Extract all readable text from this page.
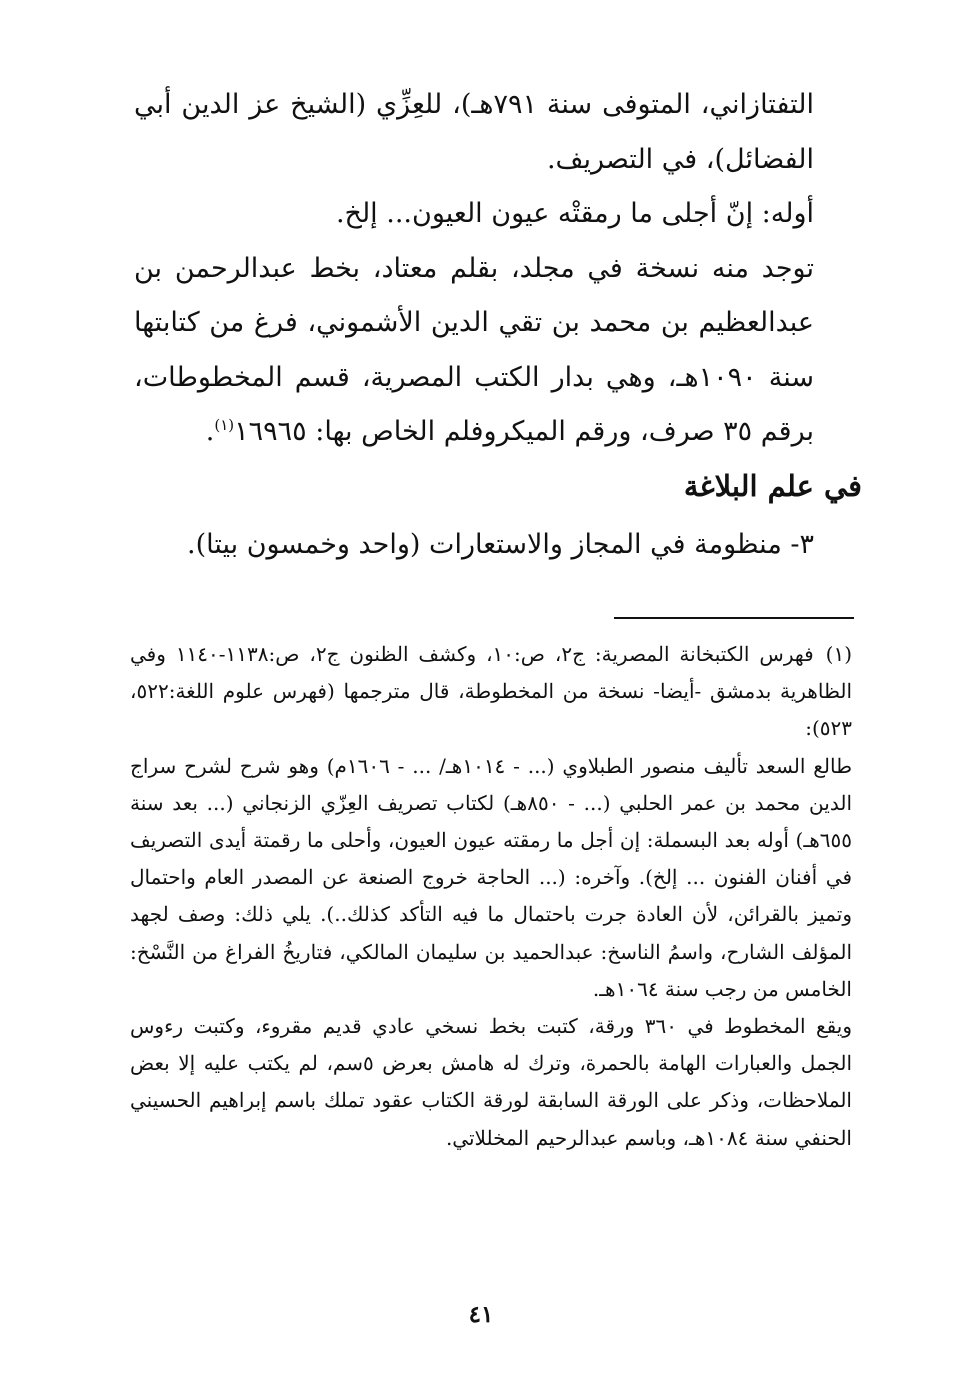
التفتازاني، المتوفى سنة ٧٩١هـ)، للعِزِّي (الشيخ عز الدين أبي الفضائل)، في التصريف.

أوله: إنّ أجلى ما رمقتْه عيون العيون... إلخ.

توجد منه نسخة في مجلد، بقلم معتاد، بخط عبدالرحمن بن عبدالعظيم بن محمد بن تقي الدين الأشموني، فرغ من كتابتها سنة ١٠٩٠هـ، وهي بدار الكتب المصرية، قسم المخطوطات، برقم ٣٥ صرف، ورقم الميكروفلم الخاص بها: ١٦٩٦٥$^{(١)}$.

في علم البلاغة
٣- منظومة في المجاز والاستعارات (واحد وخمسون بيتا).

(١)فهرس الكتبخانة المصرية: ج٢، ص:١٠، وكشف الظنون ج٢، ص:١١٣٨-١١٤٠ وفي الظاهرية بدمشق -أيضا- نسخة من المخطوطة، قال مترجمها (فهرس علوم اللغة:٥٢٢، ٥٢٣):

طالع السعد تأليف منصور الطبلاوي (... - ١٠١٤هـ/ ... - ١٦٠٦م) وهو شرح لشرح سراج الدين محمد بن عمر الحلبي (... - ٨٥٠هـ) لكتاب تصريف العِزّي الزنجاني (... بعد سنة ٦٥٥هـ) أوله بعد البسملة: إن أجل ما رمقته عيون العيون، وأحلى ما رقمتة أيدى التصريف في أفنان الفنون ... إلخ). وآخره: (... الحاجة خروج الصنعة عن المصدر العام واحتمال وتميز بالقرائن، لأن العادة جرت باحتمال ما فيه التأكد كذلك..). يلي ذلك: وصف لجهد المؤلف الشارح، واسمُ الناسخ: عبدالحميد بن سليمان المالكي، فتاريخُ الفراغ من النَّسْخ: الخامس من رجب سنة ١٠٦٤هـ.

ويقع المخطوط في ٣٦٠ ورقة، كتبت بخط نسخي عادي قديم مقروء، وكتبت رءوس الجمل والعبارات الهامة بالحمرة، وترك له هامش بعرض ٥سم، لم يكتب عليه إلا بعض الملاحظات، وذكر على الورقة السابقة لورقة الكتاب عقود تملك باسم إبراهيم الحسيني الحنفي سنة ١٠٨٤هـ، وباسم عبدالرحيم المخللاتي.

٤١
